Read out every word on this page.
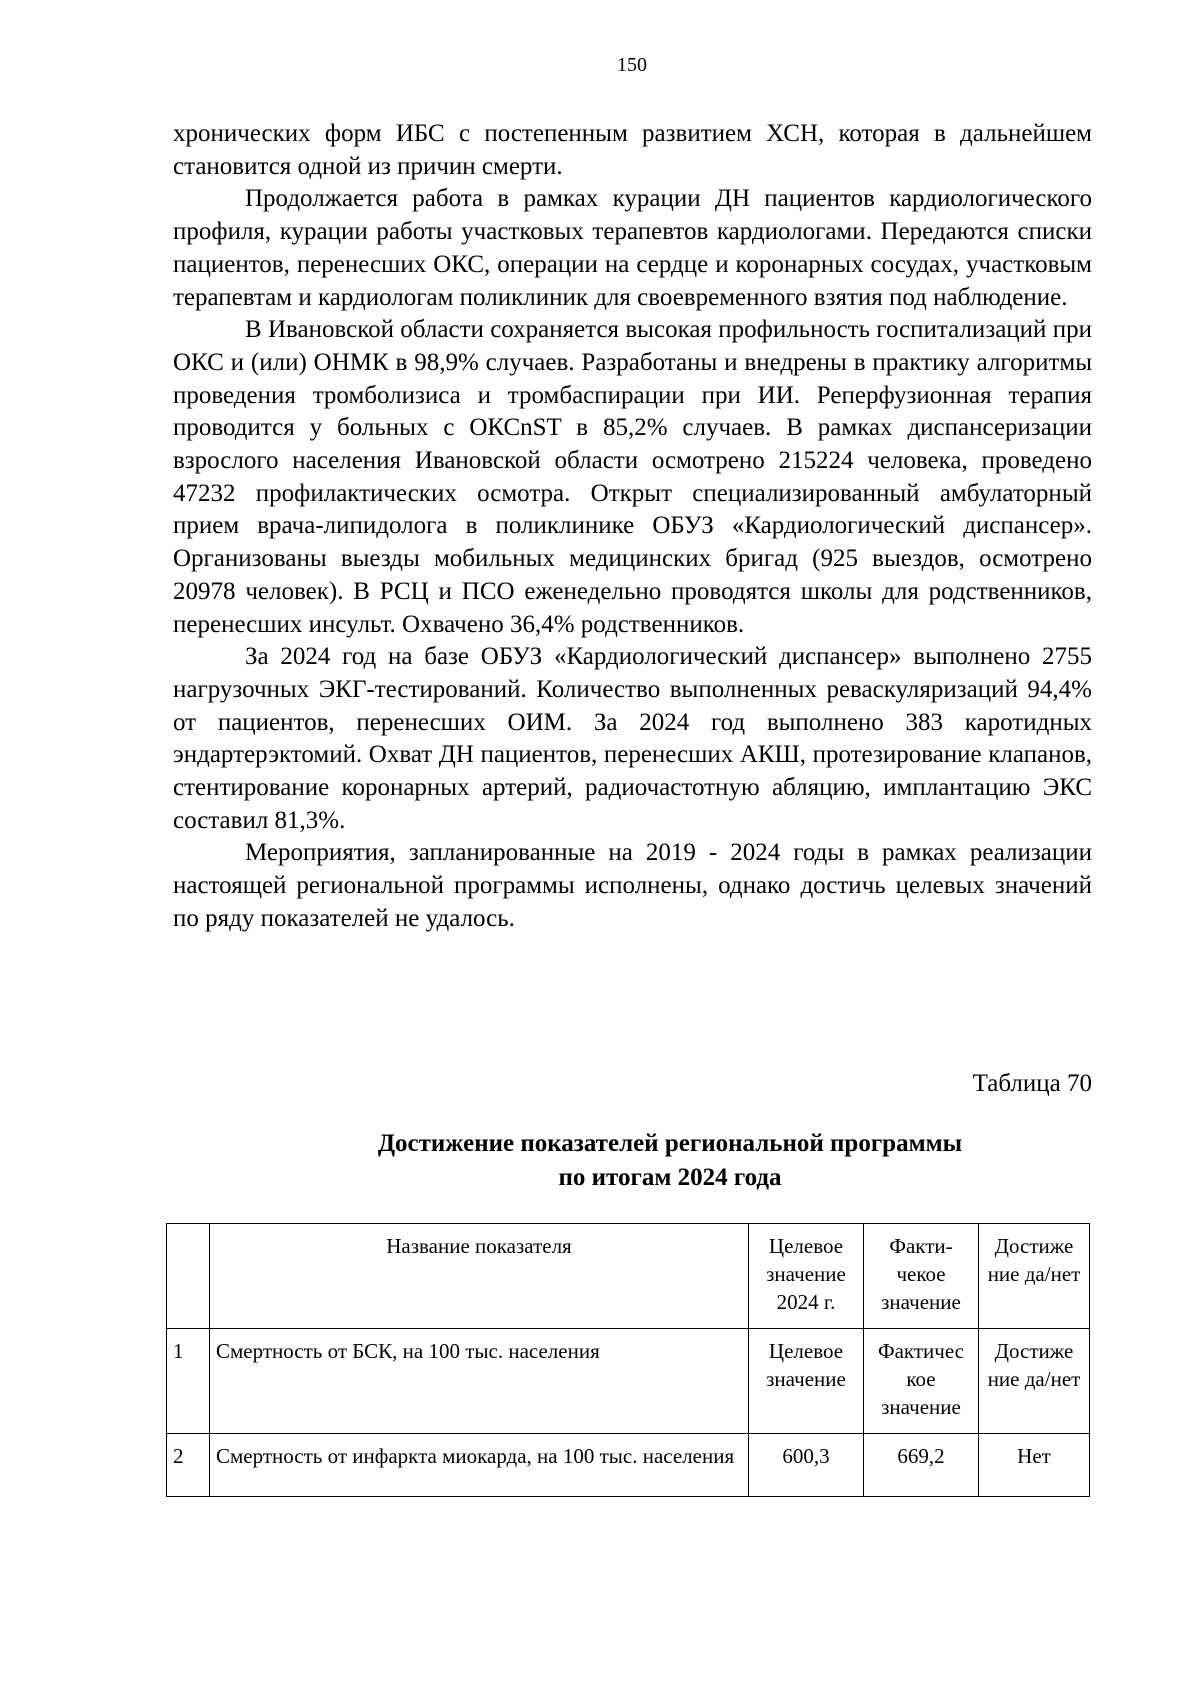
150

хронических форм ИБС с постепенным развитием ХСН, которая в дальнейшем становится одной из причин смерти.

Продолжается работа в рамках курации ДН пациентов кардиологического профиля, курации работы участковых терапевтов кардиологами. Передаются списки пациентов, перенесших ОКС, операции на сердце и коронарных сосудах, участковым терапевтам и кардиологам поликлиник для своевременного взятия под наблюдение.

В Ивановской области сохраняется высокая профильность госпитализаций при ОКС и (или) ОНМК в 98,9% случаев. Разработаны и внедрены в практику алгоритмы проведения тромболизиса и тромбаспирации при ИИ. Реперфузионная терапия проводится у больных с ОКСnST в 85,2% случаев. В рамках диспансеризации взрослого населения Ивановской области осмотрено 215224 человека, проведено 47232 профилактических осмотра. Открыт специализированный амбулаторный прием врача-липидолога в поликлинике ОБУЗ «Кардиологический диспансер». Организованы выезды мобильных медицинских бригад (925 выездов, осмотрено 20978 человек). В РСЦ и ПСО еженедельно проводятся школы для родственников, перенесших инсульт. Охвачено 36,4% родственников.

За 2024 год на базе ОБУЗ «Кардиологический диспансер» выполнено 2755 нагрузочных ЭКГ-тестирований. Количество выполненных реваскуляризаций 94,4% от пациентов, перенесших ОИМ. За 2024 год выполнено 383 каротидных эндартерэктомий. Охват ДН пациентов, перенесших АКШ, протезирование клапанов, стентирование коронарных артерий, радиочастотную абляцию, имплантацию ЭКС составил 81,3%.

Мероприятия, запланированные на 2019 - 2024 годы в рамках реализации настоящей региональной программы исполнены, однако достичь целевых значений по ряду показателей не удалось.

Таблица 70
Достижение показателей региональной программы
по итогам 2024 года
	Название показателя	Целевое значение 2024 г.	Факти-чекое значение	Достиже ние да/нет
1	Смертность от БСК, на 100 тыс. населения	Целевое значение	Фактичес кое значение	Достиже ние да/нет
2	Смертность от инфаркта миокарда, на 100 тыс. населения	600,3	669,2	Нет
